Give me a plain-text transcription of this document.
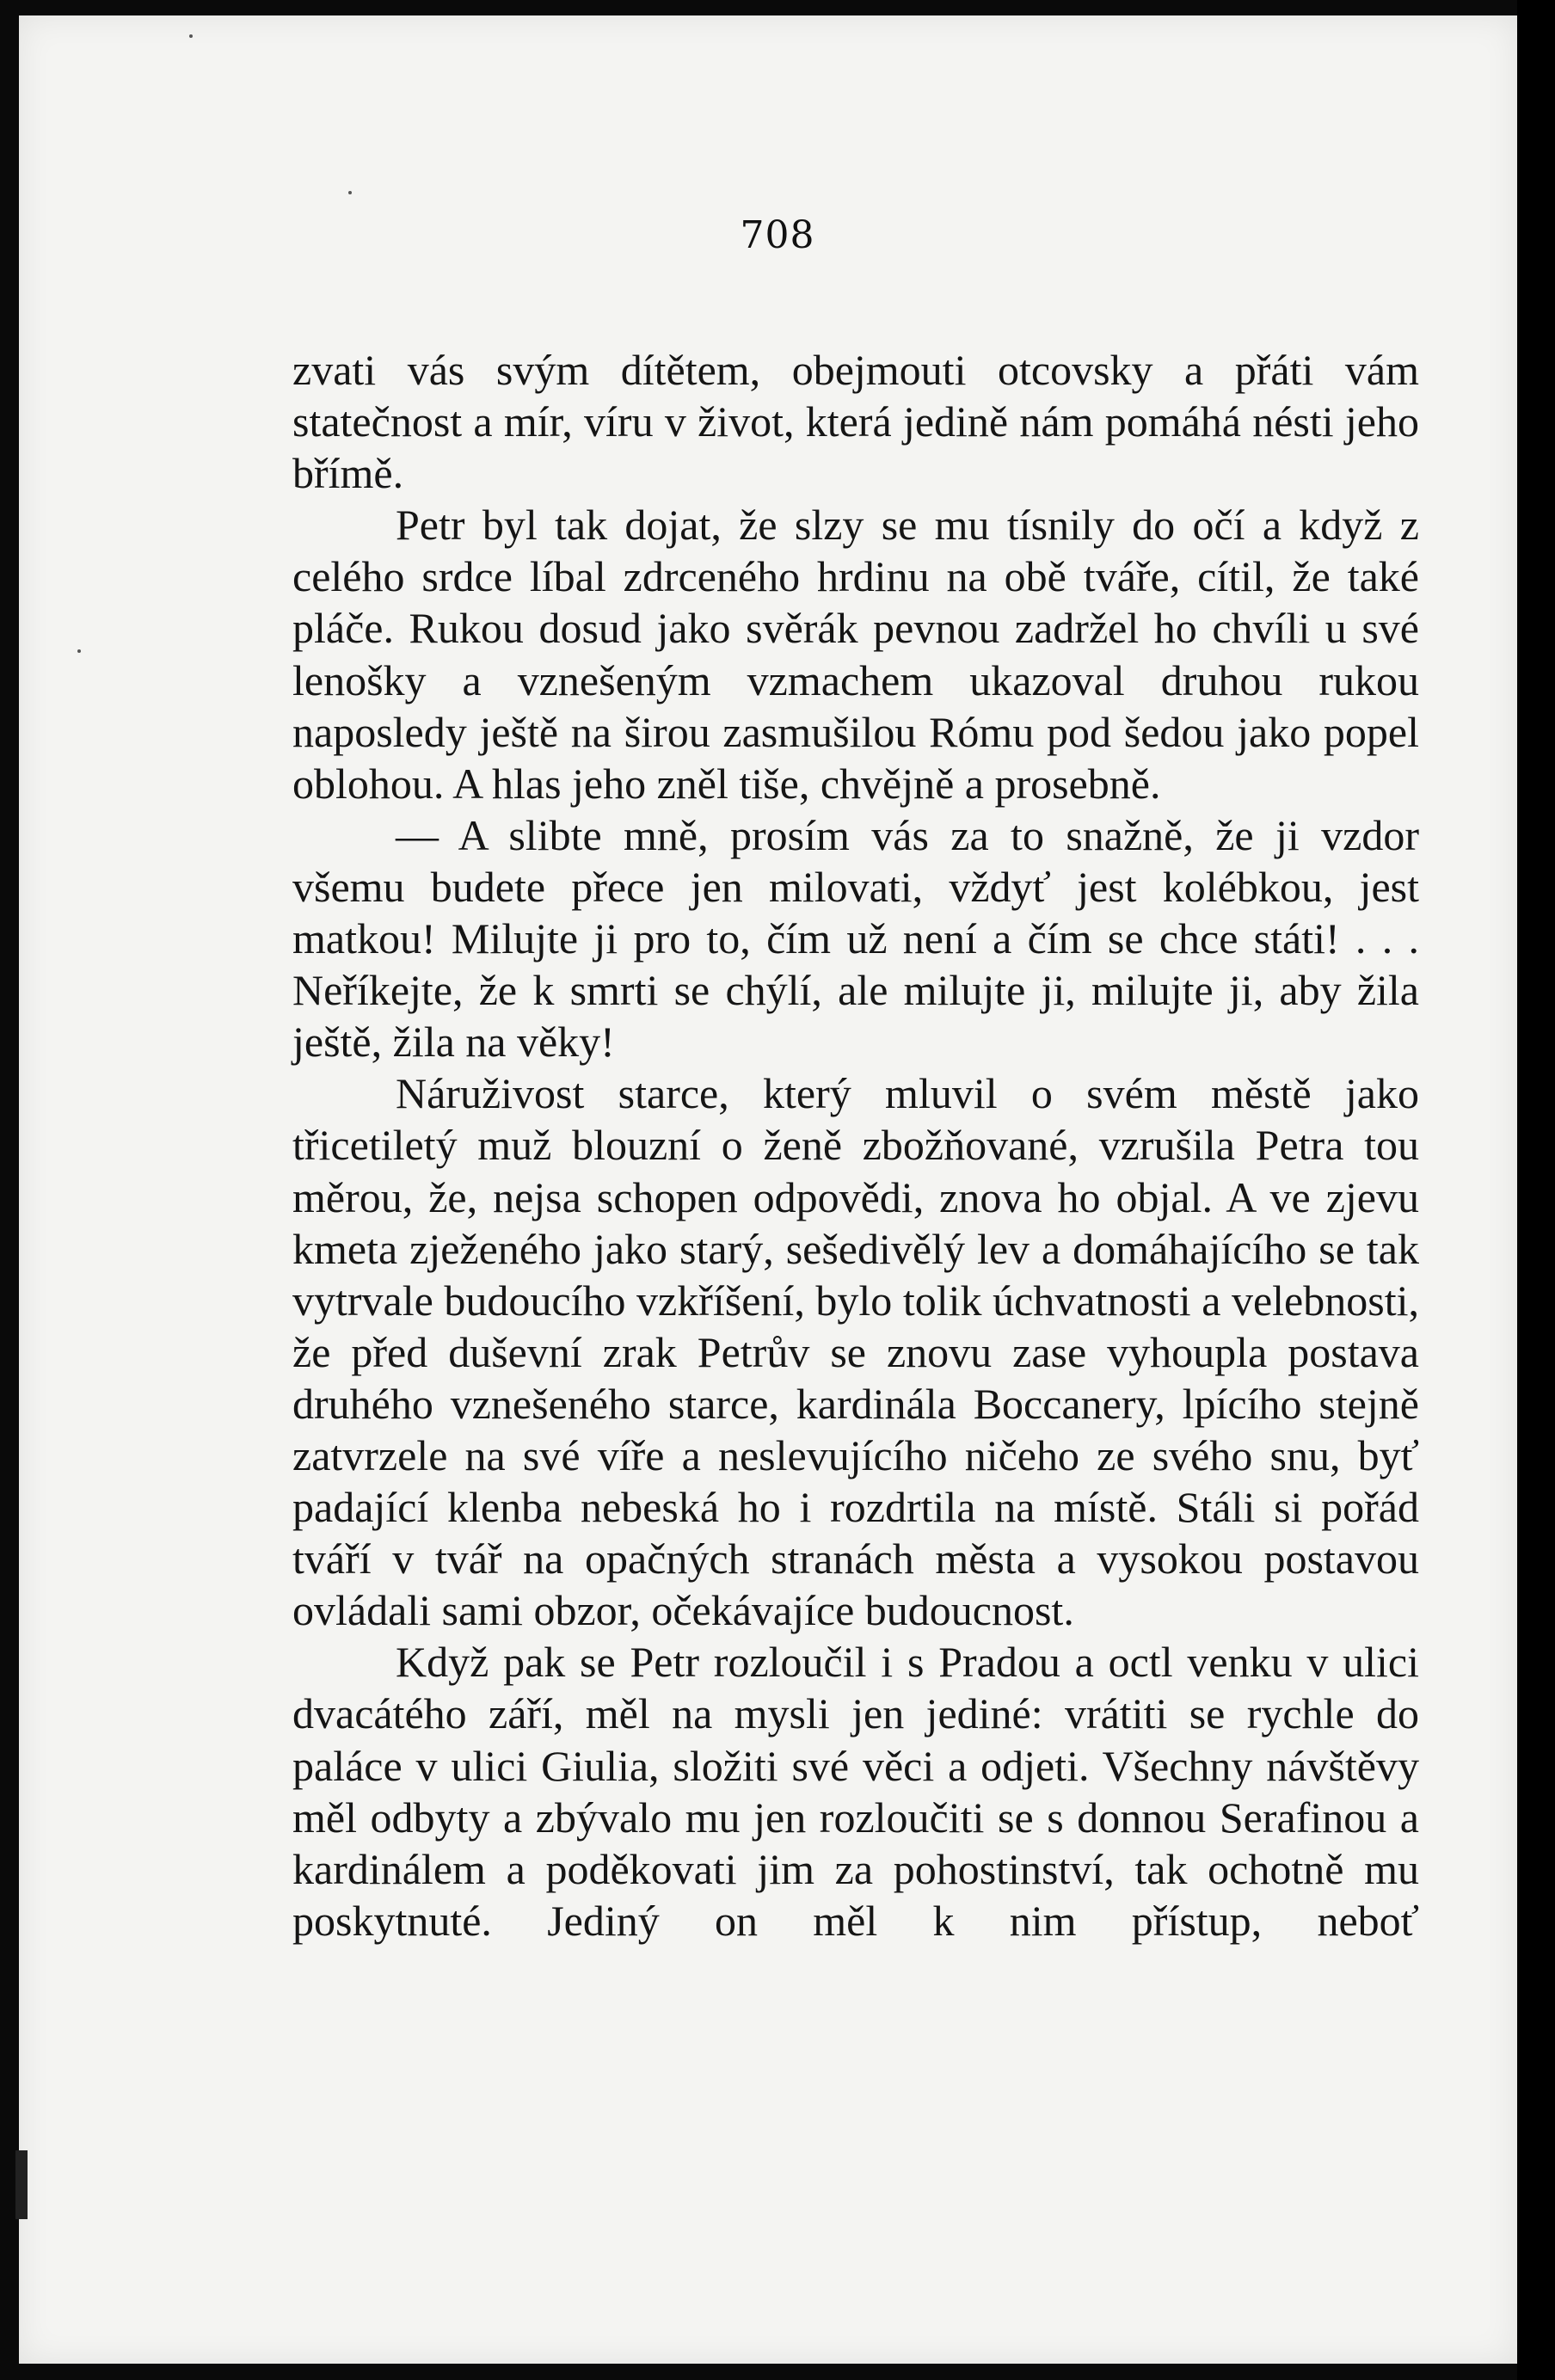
708

zvati vás svým dítětem, obejmouti otcovsky a přáti vám statečnost a mír, víru v život, která jedině nám pomáhá nésti jeho břímě.

Petr byl tak dojat, že slzy se mu tísnily do očí a když z celého srdce líbal zdrceného hrdinu na obě tváře, cítil, že také pláče. Rukou dosud jako svěrák pevnou zadržel ho chvíli u své lenošky a vznešeným vzmachem ukazoval druhou rukou naposledy ještě na širou zasmušilou Rómu pod šedou jako popel oblohou. A hlas jeho zněl tiše, chvějně a prosebně.

— A slibte mně, prosím vás za to snažně, že ji vzdor všemu budete přece jen milovati, vždyť jest kolébkou, jest matkou! Milujte ji pro to, čím už není a čím se chce státi! . . . Neříkejte, že k smrti se chýlí, ale milujte ji, milujte ji, aby žila ještě, žila na věky!

Náruživost starce, který mluvil o svém městě jako třicetiletý muž blouzní o ženě zbožňované, vzrušila Petra tou měrou, že, nejsa schopen odpovědi, znova ho objal. A ve zjevu kmeta zježeného jako starý, sešedivělý lev a domáhajícího se tak vytrvale budoucího vzkříšení, bylo tolik úchvatnosti a velebnosti, že před duševní zrak Petrův se znovu zase vyhoupla postava druhého vznešeného starce, kardinála Boccanery, lpícího stejně zatvrzele na své víře a neslevujícího ničeho ze svého snu, byť padající klenba nebeská ho i rozdrtila na místě. Stáli si pořád tváří v tvář na opačných stranách města a vysokou postavou ovládali sami obzor, očekávajíce budoucnost.

Když pak se Petr rozloučil i s Pradou a octl venku v ulici dvacátého září, měl na mysli jen jediné: vrátiti se rychle do paláce v ulici Giulia, složiti své věci a odjeti. Všechny návštěvy měl odbyty a zbývalo mu jen rozloučiti se s donnou Serafinou a kardinálem a poděkovati jim za pohostinství, tak ochotně mu poskytnuté. Jediný on měl k nim přístup, neboť
